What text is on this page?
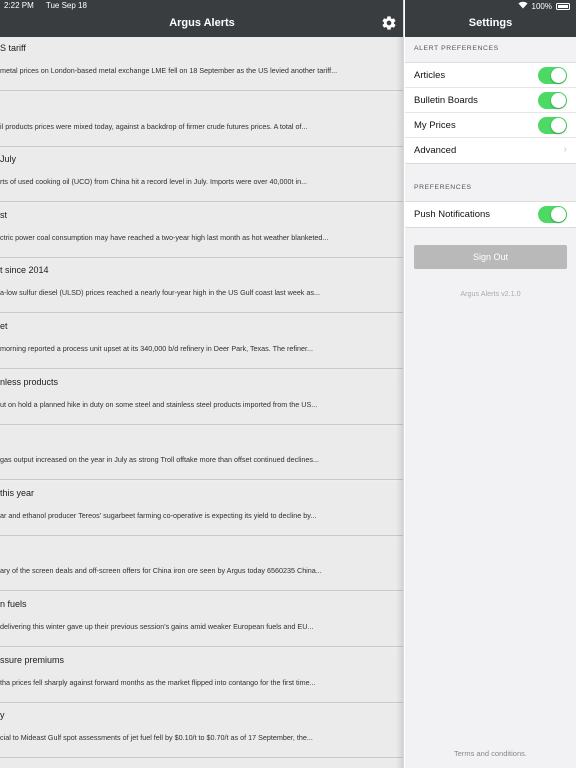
2:22 PM Tue Sep 18
Argus Alerts
S tariff
metal prices on London-based metal exchange LME fell on 18 September as the US levied another tariff...
il products prices were mixed today, against a backdrop of firmer crude futures prices. A total of...
July
rts of used cooking oil (UCO) from China hit a record level in July. Imports were over 40,000t in...
st
ctric power coal consumption may have reached a two-year high last month as hot weather blanketed...
t since 2014
a-low sulfur diesel (ULSD) prices reached a nearly four-year high in the US Gulf coast last week as...
et
morning reported a process unit upset at its 340,000 b/d refinery in Deer Park, Texas. The refiner...
nless products
ut on hold a planned hike in duty on some steel and stainless steel products imported from the US...
gas output increased on the year in July as strong Troll offtake more than offset continued declines...
this year
ar and ethanol producer Tereos' sugarbeet farming co-operative is expecting its yield to decline by...
ary of the screen deals and off-screen offers for China iron ore seen by Argus today 6560235 China...
n fuels
delivering this winter gave up their previous session's gains amid weaker European fuels and EU...
ssure premiums
tha prices fell sharply against forward months as the market flipped into contango for the first time...
y
cial to Mideast Gulf spot assessments of jet fuel fell by $0.10/t to $0.70/t as of 17 September, the...
100%
Settings
ALERT PREFERENCES
Articles
Bulletin Boards
My Prices
Advanced	›
PREFERENCES
Push Notifications
Sign Out
Argus Alerts v2.1.0
Terms and conditions.
